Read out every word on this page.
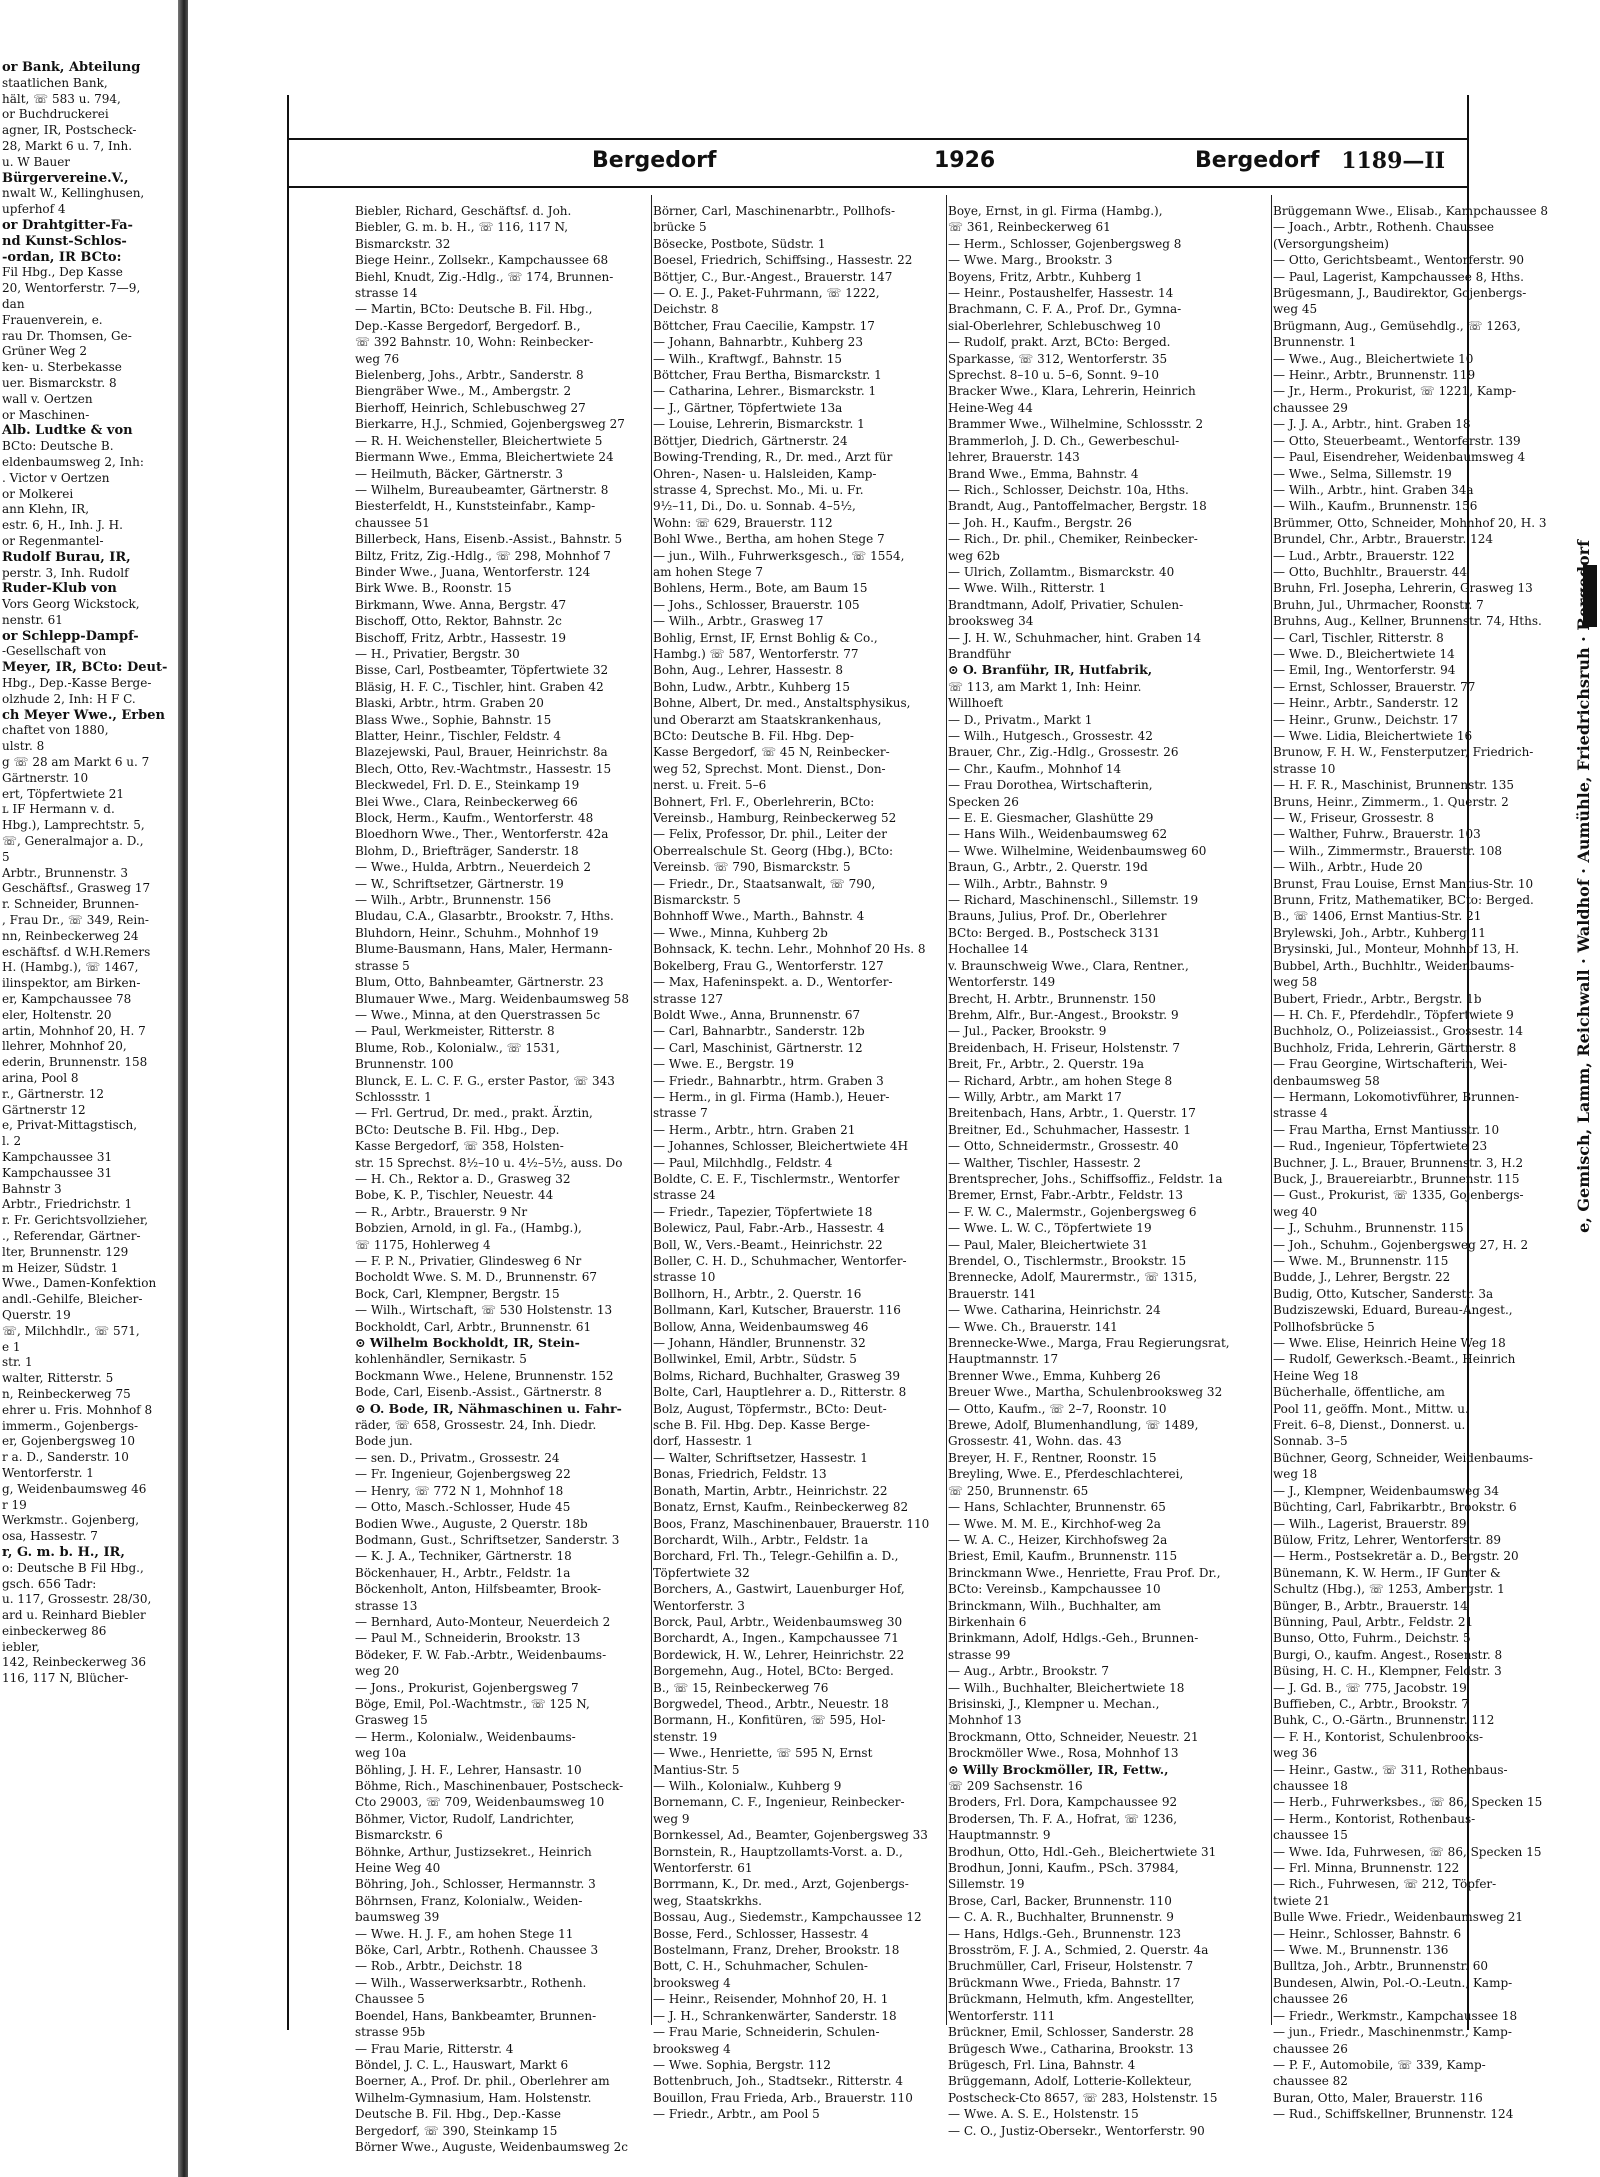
or Bank, Abteilung
staatlichen Bank,
hält, ☏ 583 u. 794,
or Buchdruckerei
agner, IR, Postscheck-
28, Markt 6 u. 7, Inh.
u. W Bauer
Bürgervereine.V.,
nwalt W., Kellinghusen,
upferhof 4
or Drahtgitter-Fa-
nd Kunst-Schlos-
-ordan, IR BCto:
Fil Hbg., Dep Kasse
20, Wentorferstr. 7—9,
dan
Frauenverein, e.
rau Dr. Thomsen, Ge-
Grüner Weg 2
ken- u. Sterbekasse
uer. Bismarckstr. 8
wall v. Oertzen
or Maschinen-
Alb. Ludtke & von
BCto: Deutsche B.
eldenbaumsweg 2, Inh:
. Victor v Oertzen
or Molkerei
ann Klehn, IR,
estr. 6, H., Inh. J. H.
or Regenmantel-
Rudolf Burau, IR,
perstr. 3, Inh. Rudolf
Ruder-Klub von
Vors Georg Wickstock,
nenstr. 61
or Schlepp-Dampf-
-Gesellschaft von
Meyer, IR, BCto: Deut-
Hbg., Dep.-Kasse Berge-
olzhude 2, Inh: H F C.
ch Meyer Wwe., Erben
chaftet von 1880,
ulstr. 8
g ☏ 28 am Markt 6 u. 7
Gärtnerstr. 10
ert, Töpfertwiete 21
ʟ IF Hermann v. d.
Hbg.), Lamprechtstr. 5,
☏, Generalmajor a. D.,
5
Arbtr., Brunnenstr. 3
Geschäftsf., Grasweg 17
r. Schneider, Brunnen-
, Frau Dr., ☏ 349, Rein-
nn, Reinbeckerweg 24
eschäftsf. d W.H.Remers
H. (Hambg.), ☏ 1467,
ilinspektor, am Birken-
er, Kampchaussee 78
eler, Holtenstr. 20
artin, Mohnhof 20, H. 7
llehrer, Mohnhof 20,
ederin, Brunnenstr. 158
arina, Pool 8
r., Gärtnerstr. 12
Gärtnerstr 12
e, Privat-Mittagstisch,
l. 2
Kampchaussee 31
Kampchaussee 31
Bahnstr 3
Arbtr., Friedrichstr. 1
r. Fr. Gerichtsvollzieher,
., Referendar, Gärtner-
lter, Brunnenstr. 129
m Heizer, Südstr. 1
Wwe., Damen-Konfektion
andl.-Gehilfe, Bleicher-
Querstr. 19
☏, Milchhdlr., ☏ 571,
e 1
str. 1
walter, Ritterstr. 5
n, Reinbeckerweg 75
ehrer u. Fris. Mohnhof 8
immerm., Gojenbergs-
er, Gojenbergsweg 10
r a. D., Sanderstr. 10
Wentorferstr. 1
g, Weidenbaumsweg 46
r 19
Werkmstr.. Gojenberg,
osa, Hassestr. 7
r, G. m. b. H., IR,
o: Deutsche B Fil Hbg.,
gsch. 656 Tadr:
u. 117, Grossestr. 28/30,
ard u. Reinhard Biebler
einbeckerweg 86
iebler,
142, Reinbeckerweg 36
116, 117 N, Blücher-
Bergedorf	1926	Bergedorf 1189—II
Biebler, Richard, Geschäftsf. d. Joh.
Biebler, G. m. b. H., ☏ 116, 117 N,
Bismarckstr. 32
Biege Heinr., Zollsekr., Kampchaussee 68
Biehl, Knudt, Zig.-Hdlg., ☏ 174, Brunnen-
strasse 14
— Martin, BCto: Deutsche B. Fil. Hbg.,
Dep.-Kasse Bergedorf, Bergedorf. B.,
☏ 392 Bahnstr. 10, Wohn: Reinbecker-
weg 76
Bielenberg, Johs., Arbtr., Sanderstr. 8
Biengräber Wwe., M., Ambergstr. 2
Bierhoff, Heinrich, Schlebuschweg 27
Bierkarre, H.J., Schmied, Gojenbergsweg 27
— R. H. Weichensteller, Bleichertwiete 5
Biermann Wwe., Emma, Bleichertwiete 24
— Heilmuth, Bäcker, Gärtnerstr. 3
— Wilhelm, Bureaubeamter, Gärtnerstr. 8
Biesterfeldt, H., Kunststeinfabr., Kamp-
chaussee 51
Billerbeck, Hans, Eisenb.-Assist., Bahnstr. 5
Biltz, Fritz, Zig.-Hdlg., ☏ 298, Mohnhof 7
Binder Wwe., Juana, Wentorferstr. 124
Birk Wwe. B., Roonstr. 15
Birkmann, Wwe. Anna, Bergstr. 47
Bischoff, Otto, Rektor, Bahnstr. 2c
Bischoff, Fritz, Arbtr., Hassestr. 19
— H., Privatier, Bergstr. 30
Bisse, Carl, Postbeamter, Töpfertwiete 32
Bläsig, H. F. C., Tischler, hint. Graben 42
Blaski, Arbtr., htrm. Graben 20
Blass Wwe., Sophie, Bahnstr. 15
Blatter, Heinr., Tischler, Feldstr. 4
Blazejewski, Paul, Brauer, Heinrichstr. 8a
Blech, Otto, Rev.-Wachtmstr., Hassestr. 15
Bleckwedel, Frl. D. E., Steinkamp 19
Blei Wwe., Clara, Reinbeckerweg 66
Block, Herm., Kaufm., Wentorferstr. 48
Bloedhorn Wwe., Ther., Wentorferstr. 42a
Blohm, D., Briefträger, Sanderstr. 18
— Wwe., Hulda, Arbtrn., Neuerdeich 2
— W., Schriftsetzer, Gärtnerstr. 19
— Wilh., Arbtr., Brunnenstr. 156
Bludau, C.A., Glasarbtr., Brookstr. 7, Hths.
Bluhdorn, Heinr., Schuhm., Mohnhof 19
Blume-Bausmann, Hans, Maler, Hermann-
strasse 5
Blum, Otto, Bahnbeamter, Gärtnerstr. 23
Blumauer Wwe., Marg. Weidenbaumsweg 58
— Wwe., Minna, at den Querstrassen 5c
— Paul, Werkmeister, Ritterstr. 8
Blume, Rob., Kolonialw., ☏ 1531,
Brunnenstr. 100
Blunck, E. L. C. F. G., erster Pastor, ☏ 343
Schlossstr. 1
— Frl. Gertrud, Dr. med., prakt. Ärztin,
BCto: Deutsche B. Fil. Hbg., Dep.
Kasse Bergedorf, ☏ 358, Holsten-
str. 15 Sprechst. 8½–10 u. 4½–5½, auss. Do
— H. Ch., Rektor a. D., Grasweg 32
Bobe, K. P., Tischler, Neuestr. 44
— R., Arbtr., Brauerstr. 9 Nr
Bobzien, Arnold, in gl. Fa., (Hambg.),
☏ 1175, Hohlerweg 4
— F. P. N., Privatier, Glindesweg 6 Nr
Bocholdt Wwe. S. M. D., Brunnenstr. 67
Bock, Carl, Klempner, Bergstr. 15
— Wilh., Wirtschaft, ☏ 530 Holstenstr. 13
Bockholdt, Carl, Arbtr., Brunnenstr. 61
⊙ Wilhelm Bockholdt, IR, Stein-
kohlenhändler, Sernikastr. 5
Bockmann Wwe., Helene, Brunnenstr. 152
Bode, Carl, Eisenb.-Assist., Gärtnerstr. 8
⊙ O. Bode, IR, Nähmaschinen u. Fahr-
räder, ☏ 658, Grossestr. 24, Inh. Diedr.
Bode jun.
— sen. D., Privatm., Grossestr. 24
— Fr. Ingenieur, Gojenbergsweg 22
— Henry, ☏ 772 N 1, Mohnhof 18
— Otto, Masch.-Schlosser, Hude 45
Bodien Wwe., Auguste, 2 Querstr. 18b
Bodmann, Gust., Schriftsetzer, Sanderstr. 3
— K. J. A., Techniker, Gärtnerstr. 18
Böckenhauer, H., Arbtr., Feldstr. 1a
Böckenholt, Anton, Hilfsbeamter, Brook-
strasse 13
— Bernhard, Auto-Monteur, Neuerdeich 2
— Paul M., Schneiderin, Brookstr. 13
Bödeker, F. W. Fab.-Arbtr., Weidenbaums-
weg 20
— Jons., Prokurist, Gojenbergsweg 7
Böge, Emil, Pol.-Wachtmstr., ☏ 125 N,
Grasweg 15
— Herm., Kolonialw., Weidenbaums-
weg 10a
Böhling, J. H. F., Lehrer, Hansastr. 10
Böhme, Rich., Maschinenbauer, Postscheck-
Cto 29003, ☏ 709, Weidenbaumsweg 10
Böhmer, Victor, Rudolf, Landrichter,
Bismarckstr. 6
Böhnke, Arthur, Justizsekret., Heinrich
Heine Weg 40
Böhring, Joh., Schlosser, Hermannstr. 3
Böhrnsen, Franz, Kolonialw., Weiden-
baumsweg 39
— Wwe. H. J. F., am hohen Stege 11
Böke, Carl, Arbtr., Rothenh. Chaussee 3
— Rob., Arbtr., Deichstr. 18
— Wilh., Wasserwerksarbtr., Rothenh.
Chaussee 5
Boendel, Hans, Bankbeamter, Brunnen-
strasse 95b
— Frau Marie, Ritterstr. 4
Böndel, J. C. L., Hauswart, Markt 6
Boerner, A., Prof. Dr. phil., Oberlehrer am
Wilhelm-Gymnasium, Ham. Holstenstr.
Deutsche B. Fil. Hbg., Dep.-Kasse
Bergedorf, ☏ 390, Steinkamp 15
Börner Wwe., Auguste, Weidenbaumsweg 2c
Börner, Carl, Maschinenarbtr., Pollhofs-
brücke 5
Bösecke, Postbote, Südstr. 1
Boesel, Friedrich, Schiffsing., Hassestr. 22
Böttjer, C., Bur.-Angest., Brauerstr. 147
— O. E. J., Paket-Fuhrmann, ☏ 1222,
Deichstr. 8
Böttcher, Frau Caecilie, Kampstr. 17
— Johann, Bahnarbtr., Kuhberg 23
— Wilh., Kraftwgf., Bahnstr. 15
Böttcher, Frau Bertha, Bismarckstr. 1
— Catharina, Lehrer., Bismarckstr. 1
— J., Gärtner, Töpfertwiete 13a
— Louise, Lehrerin, Bismarckstr. 1
Böttjer, Diedrich, Gärtnerstr. 24
Bowing-Trending, R., Dr. med., Arzt für
Ohren-, Nasen- u. Halsleiden, Kamp-
strasse 4, Sprechst. Mo., Mi. u. Fr.
9½–11, Di., Do. u. Sonnab. 4–5½,
Wohn: ☏ 629, Brauerstr. 112
Bohl Wwe., Bertha, am hohen Stege 7
— jun., Wilh., Fuhrwerksgesch., ☏ 1554,
am hohen Stege 7
Bohlens, Herm., Bote, am Baum 15
— Johs., Schlosser, Brauerstr. 105
— Wilh., Arbtr., Grasweg 17
Bohlig, Ernst, IF, Ernst Bohlig & Co.,
Hambg.) ☏ 587, Wentorferstr. 77
Bohn, Aug., Lehrer, Hassestr. 8
Bohn, Ludw., Arbtr., Kuhberg 15
Bohne, Albert, Dr. med., Anstaltsphysikus,
und Oberarzt am Staatskrankenhaus,
BCto: Deutsche B. Fil. Hbg. Dep-
Kasse Bergedorf, ☏ 45 N, Reinbecker-
weg 52, Sprechst. Mont. Dienst., Don-
nerst. u. Freit. 5–6
Bohnert, Frl. F., Oberlehrerin, BCto:
Vereinsb., Hamburg, Reinbeckerweg 52
— Felix, Professor, Dr. phil., Leiter der
Oberrealschule St. Georg (Hbg.), BCto:
Vereinsb. ☏ 790, Bismarckstr. 5
— Friedr., Dr., Staatsanwalt, ☏ 790,
Bismarckstr. 5
Bohnhoff Wwe., Marth., Bahnstr. 4
— Wwe., Minna, Kuhberg 2b
Bohnsack, K. techn. Lehr., Mohnhof 20 Hs. 8
Bokelberg, Frau G., Wentorferstr. 127
— Max, Hafeninspekt. a. D., Wentorfer-
strasse 127
Boldt Wwe., Anna, Brunnenstr. 67
— Carl, Bahnarbtr., Sanderstr. 12b
— Carl, Maschinist, Gärtnerstr. 12
— Wwe. E., Bergstr. 19
— Friedr., Bahnarbtr., htrm. Graben 3
— Herm., in gl. Firma (Hamb.), Heuer-
strasse 7
— Herm., Arbtr., htrn. Graben 21
— Johannes, Schlosser, Bleichertwiete 4H
— Paul, Milchhdlg., Feldstr. 4
Boldte, C. E. F., Tischlermstr., Wentorfer
strasse 24
— Friedr., Tapezier, Töpfertwiete 18
Bolewicz, Paul, Fabr.-Arb., Hassestr. 4
Boll, W., Vers.-Beamt., Heinrichstr. 22
Boller, C. H. D., Schuhmacher, Wentorfer-
strasse 10
Bollhorn, H., Arbtr., 2. Querstr. 16
Bollmann, Karl, Kutscher, Brauerstr. 116
Bollow, Anna, Weidenbaumsweg 46
— Johann, Händler, Brunnenstr. 32
Bollwinkel, Emil, Arbtr., Südstr. 5
Bolms, Richard, Buchhalter, Grasweg 39
Bolte, Carl, Hauptlehrer a. D., Ritterstr. 8
Bolz, August, Töpfermstr., BCto: Deut-
sche B. Fil. Hbg. Dep. Kasse Berge-
dorf, Hassestr. 1
— Walter, Schriftsetzer, Hassestr. 1
Bonas, Friedrich, Feldstr. 13
Bonath, Martin, Arbtr., Heinrichstr. 22
Bonatz, Ernst, Kaufm., Reinbeckerweg 82
Boos, Franz, Maschinenbauer, Brauerstr. 110
Borchardt, Wilh., Arbtr., Feldstr. 1a
Borchard, Frl. Th., Telegr.-Gehilfin a. D.,
Töpfertwiete 32
Borchers, A., Gastwirt, Lauenburger Hof,
Wentorferstr. 3
Borck, Paul, Arbtr., Weidenbaumsweg 30
Borchardt, A., Ingen., Kampchaussee 71
Bordewick, H. W., Lehrer, Heinrichstr. 22
Borgemehn, Aug., Hotel, BCto: Berged.
B., ☏ 15, Reinbeckerweg 76
Borgwedel, Theod., Arbtr., Neuestr. 18
Bormann, H., Konfitüren, ☏ 595, Hol-
stenstr. 19
— Wwe., Henriette, ☏ 595 N, Ernst
Mantius-Str. 5
— Wilh., Kolonialw., Kuhberg 9
Bornemann, C. F., Ingenieur, Reinbecker-
weg 9
Bornkessel, Ad., Beamter, Gojenbergsweg 33
Bornstein, R., Hauptzollamts-Vorst. a. D.,
Wentorferstr. 61
Borrmann, K., Dr. med., Arzt, Gojenbergs-
weg, Staatskrkhs.
Bossau, Aug., Siedemstr., Kampchaussee 12
Bosse, Ferd., Schlosser, Hassestr. 4
Bostelmann, Franz, Dreher, Brookstr. 18
Bott, C. H., Schuhmacher, Schulen-
brooksweg 4
— Heinr., Reisender, Mohnhof 20, H. 1
— J. H., Schrankenwärter, Sanderstr. 18
— Frau Marie, Schneiderin, Schulen-
brooksweg 4
— Wwe. Sophia, Bergstr. 112
Bottenbruch, Joh., Stadtsekr., Ritterstr. 4
Bouillon, Frau Frieda, Arb., Brauerstr. 110
— Friedr., Arbtr., am Pool 5
Boye, Ernst, in gl. Firma (Hambg.),
☏ 361, Reinbeckerweg 61
— Herm., Schlosser, Gojenbergsweg 8
— Wwe. Marg., Brookstr. 3
Boyens, Fritz, Arbtr., Kuhberg 1
— Heinr., Postaushelfer, Hassestr. 14
Brachmann, C. F. A., Prof. Dr., Gymna-
sial-Oberlehrer, Schlebuschweg 10
— Rudolf, prakt. Arzt, BCto: Berged.
Sparkasse, ☏ 312, Wentorferstr. 35
Sprechst. 8–10 u. 5–6, Sonnt. 9–10
Bracker Wwe., Klara, Lehrerin, Heinrich
Heine-Weg 44
Brammer Wwe., Wilhelmine, Schlossstr. 2
Brammerloh, J. D. Ch., Gewerbeschul-
lehrer, Brauerstr. 143
Brand Wwe., Emma, Bahnstr. 4
— Rich., Schlosser, Deichstr. 10a, Hths.
Brandt, Aug., Pantoffelmacher, Bergstr. 18
— Joh. H., Kaufm., Bergstr. 26
— Rich., Dr. phil., Chemiker, Reinbecker-
weg 62b
— Ulrich, Zollamtm., Bismarckstr. 40
— Wwe. Wilh., Ritterstr. 1
Brandtmann, Adolf, Privatier, Schulen-
brooksweg 34
— J. H. W., Schuhmacher, hint. Graben 14
Brandführ
⊙ O. Branführ, IR, Hutfabrik,
☏ 113, am Markt 1, Inh: Heinr.
Willhoeft
— D., Privatm., Markt 1
— Wilh., Hutgesch., Grossestr. 42
Brauer, Chr., Zig.-Hdlg., Grossestr. 26
— Chr., Kaufm., Mohnhof 14
— Frau Dorothea, Wirtschafterin,
Specken 26
— E. E. Giesmacher, Glashütte 29
— Hans Wilh., Weidenbaumsweg 62
— Wwe. Wilhelmine, Weidenbaumsweg 60
Braun, G., Arbtr., 2. Querstr. 19d
— Wilh., Arbtr., Bahnstr. 9
— Richard, Maschinenschl., Sillemstr. 19
Brauns, Julius, Prof. Dr., Oberlehrer
BCto: Berged. B., Postscheck 3131
Hochallee 14
v. Braunschweig Wwe., Clara, Rentner.,
Wentorferstr. 149
Brecht, H. Arbtr., Brunnenstr. 150
Brehm, Alfr., Bur.-Angest., Brookstr. 9
— Jul., Packer, Brookstr. 9
Breidenbach, H. Friseur, Holstenstr. 7
Breit, Fr., Arbtr., 2. Querstr. 19a
— Richard, Arbtr., am hohen Stege 8
— Willy, Arbtr., am Markt 17
Breitenbach, Hans, Arbtr., 1. Querstr. 17
Breitner, Ed., Schuhmacher, Hassestr. 1
— Otto, Schneidermstr., Grossestr. 40
— Walther, Tischler, Hassestr. 2
Brentsprecher, Johs., Schiffsoffiz., Feldstr. 1a
Bremer, Ernst, Fabr.-Arbtr., Feldstr. 13
— F. W. C., Malermstr., Gojenbergsweg 6
— Wwe. L. W. C., Töpfertwiete 19
— Paul, Maler, Bleichertwiete 31
Brendel, O., Tischlermstr., Brookstr. 15
Brennecke, Adolf, Maurermstr., ☏ 1315,
Brauerstr. 141
— Wwe. Catharina, Heinrichstr. 24
— Wwe. Ch., Brauerstr. 141
Brennecke-Wwe., Marga, Frau Regierungsrat,
Hauptmannstr. 17
Brenner Wwe., Emma, Kuhberg 26
Breuer Wwe., Martha, Schulenbrooksweg 32
— Otto, Kaufm., ☏ 2–7, Roonstr. 10
Brewe, Adolf, Blumenhandlung, ☏ 1489,
Grossestr. 41, Wohn. das. 43
Breyer, H. F., Rentner, Roonstr. 15
Breyling, Wwe. E., Pferdeschlachterei,
☏ 250, Brunnenstr. 65
— Hans, Schlachter, Brunnenstr. 65
— Wwe. M. M. E., Kirchhof-weg 2a
— W. A. C., Heizer, Kirchhofsweg 2a
Briest, Emil, Kaufm., Brunnenstr. 115
Brinckmann Wwe., Henriette, Frau Prof. Dr.,
BCto: Vereinsb., Kampchaussee 10
Brinckmann, Wilh., Buchhalter, am
Birkenhain 6
Brinkmann, Adolf, Hdlgs.-Geh., Brunnen-
strasse 99
— Aug., Arbtr., Brookstr. 7
— Wilh., Buchhalter, Bleichertwiete 18
Brisinski, J., Klempner u. Mechan.,
Mohnhof 13
Brockmann, Otto, Schneider, Neuestr. 21
Brockmöller Wwe., Rosa, Mohnhof 13
⊙ Willy Brockmöller, IR, Fettw.,
☏ 209 Sachsenstr. 16
Broders, Frl. Dora, Kampchaussee 92
Brodersen, Th. F. A., Hofrat, ☏ 1236,
Hauptmannstr. 9
Brodhun, Otto, Hdl.-Geh., Bleichertwiete 31
Brodhun, Jonni, Kaufm., PSch. 37984,
Sillemstr. 19
Brose, Carl, Backer, Brunnenstr. 110
— C. A. R., Buchhalter, Brunnenstr. 9
— Hans, Hdlgs.-Geh., Brunnenstr. 123
Brosström, F. J. A., Schmied, 2. Querstr. 4a
Bruchmüller, Carl, Friseur, Holstenstr. 7
Brückmann Wwe., Frieda, Bahnstr. 17
Brückmann, Helmuth, kfm. Angestellter,
Wentorferstr. 111
Brückner, Emil, Schlosser, Sanderstr. 28
Brügesch Wwe., Catharina, Brookstr. 13
Brügesch, Frl. Lina, Bahnstr. 4
Brüggemann, Adolf, Lotterie-Kollekteur,
Postscheck-Cto 8657, ☏ 283, Holstenstr. 15
— Wwe. A. S. E., Holstenstr. 15
— C. O., Justiz-Obersekr., Wentorferstr. 90
Brüggemann Wwe., Elisab., Kampchaussee 8
— Joach., Arbtr., Rothenh. Chaussee
(Versorgungsheim)
— Otto, Gerichtsbeamt., Wentorferstr. 90
— Paul, Lagerist, Kampchaussee 8, Hths.
Brügesmann, J., Baudirektor, Gojenbergs-
weg 45
Brügmann, Aug., Gemüsehdlg., ☏ 1263,
Brunnenstr. 1
— Wwe., Aug., Bleichertwiete 10
— Heinr., Arbtr., Brunnenstr. 119
— Jr., Herm., Prokurist, ☏ 1221, Kamp-
chaussee 29
— J. J. A., Arbtr., hint. Graben 18
— Otto, Steuerbeamt., Wentorferstr. 139
— Paul, Eisendreher, Weidenbaumsweg 4
— Wwe., Selma, Sillemstr. 19
— Wilh., Arbtr., hint. Graben 34a
— Wilh., Kaufm., Brunnenstr. 156
Brümmer, Otto, Schneider, Mohnhof 20, H. 3
Brundel, Chr., Arbtr., Brauerstr. 124
— Lud., Arbtr., Brauerstr. 122
— Otto, Buchhltr., Brauerstr. 44
Bruhn, Frl. Josepha, Lehrerin, Grasweg 13
Bruhn, Jul., Uhrmacher, Roonstr. 7
Bruhns, Aug., Kellner, Brunnenstr. 74, Hths.
— Carl, Tischler, Ritterstr. 8
— Wwe. D., Bleichertwiete 14
— Emil, Ing., Wentorferstr. 94
— Ernst, Schlosser, Brauerstr. 77
— Heinr., Arbtr., Sanderstr. 12
— Heinr., Grunw., Deichstr. 17
— Wwe. Lidia, Bleichertwiete 16
Brunow, F. H. W., Fensterputzer, Friedrich-
strasse 10
— H. F. R., Maschinist, Brunnenstr. 135
Bruns, Heinr., Zimmerm., 1. Querstr. 2
— W., Friseur, Grossestr. 8
— Walther, Fuhrw., Brauerstr. 103
— Wilh., Zimmermstr., Brauerstr. 108
— Wilh., Arbtr., Hude 20
Brunst, Frau Louise, Ernst Mantius-Str. 10
Brunn, Fritz, Mathematiker, BCto: Berged.
B., ☏ 1406, Ernst Mantius-Str. 21
Brylewski, Joh., Arbtr., Kuhberg 11
Brysinski, Jul., Monteur, Mohnhof 13, H.
Bubbel, Arth., Buchhltr., Weidenbaums-
weg 58
Bubert, Friedr., Arbtr., Bergstr. 1b
— H. Ch. F., Pferdehdlr., Töpfertwiete 9
Buchholz, O., Polizeiassist., Grossestr. 14
Buchholz, Frida, Lehrerin, Gärtnerstr. 8
— Frau Georgine, Wirtschafterin, Wei-
denbaumsweg 58
— Hermann, Lokomotivführer, Brunnen-
strasse 4
— Frau Martha, Ernst Mantiusstr. 10
— Rud., Ingenieur, Töpfertwiete 23
Buchner, J. L., Brauer, Brunnenstr. 3, H.2
Buck, J., Brauereiarbtr., Brunnenstr. 115
— Gust., Prokurist, ☏ 1335, Gojenbergs-
weg 40
— J., Schuhm., Brunnenstr. 115
— Joh., Schuhm., Gojenbergsweg 27, H. 2
— Wwe. M., Brunnenstr. 115
Budde, J., Lehrer, Bergstr. 22
Budig, Otto, Kutscher, Sanderstr. 3a
Budziszewski, Eduard, Bureau-Angest.,
Pollhofsbrücke 5
— Wwe. Elise, Heinrich Heine Weg 18
— Rudolf, Gewerksch.-Beamt., Heinrich
Heine Weg 18
Bücherhalle, öffentliche, am
Pool 11, geöffn. Mont., Mittw. u.
Freit. 6–8, Dienst., Donnerst. u.
Sonnab. 3–5
Büchner, Georg, Schneider, Weidenbaums-
weg 18
— J., Klempner, Weidenbaumsweg 34
Büchting, Carl, Fabrikarbtr., Brookstr. 6
— Wilh., Lagerist, Brauerstr. 89
Bülow, Fritz, Lehrer, Wentorferstr. 89
— Herm., Postsekretär a. D., Bergstr. 20
Bünemann, K. W. Herm., IF Gunter &
Schultz (Hbg.), ☏ 1253, Ambergstr. 1
Bünger, B., Arbtr., Brauerstr. 14
Bünning, Paul, Arbtr., Feldstr. 21
Bunso, Otto, Fuhrm., Deichstr. 5
Burgi, O., kaufm. Angest., Rosenstr. 8
Büsing, H. C. H., Klempner, Feldstr. 3
— J. Gd. B., ☏ 775, Jacobstr. 19
Buffieben, C., Arbtr., Brookstr. 7
Buhk, C., O.-Gärtn., Brunnenstr. 112
— F. H., Kontorist, Schulenbrooks-
weg 36
— Heinr., Gastw., ☏ 311, Rothenbaus-
chaussee 18
— Herb., Fuhrwerksbes., ☏ 86, Specken 15
— Herm., Kontorist, Rothenbaus-
chaussee 15
— Wwe. Ida, Fuhrwesen, ☏ 86, Specken 15
— Frl. Minna, Brunnenstr. 122
— Rich., Fuhrwesen, ☏ 212, Töpfer-
twiete 21
Bulle Wwe. Friedr., Weidenbaumsweg 21
— Heinr., Schlosser, Bahnstr. 6
— Wwe. M., Brunnenstr. 136
Bulltza, Joh., Arbtr., Brunnenstr. 60
Bundesen, Alwin, Pol.-O.-Leutn., Kamp-
chaussee 26
— Friedr., Werkmstr., Kampchaussee 18
— jun., Friedr., Maschinenmstr., Kamp-
chaussee 26
— P. F., Automobile, ☏ 339, Kamp-
chaussee 82
Buran, Otto, Maler, Brauerstr. 116
— Rud., Schiffskellner, Brunnenstr. 124
e, Gemisch, Lamm, Reichwall · Waldhof · Aumühle, Friedrichsruh · Bergedorf
